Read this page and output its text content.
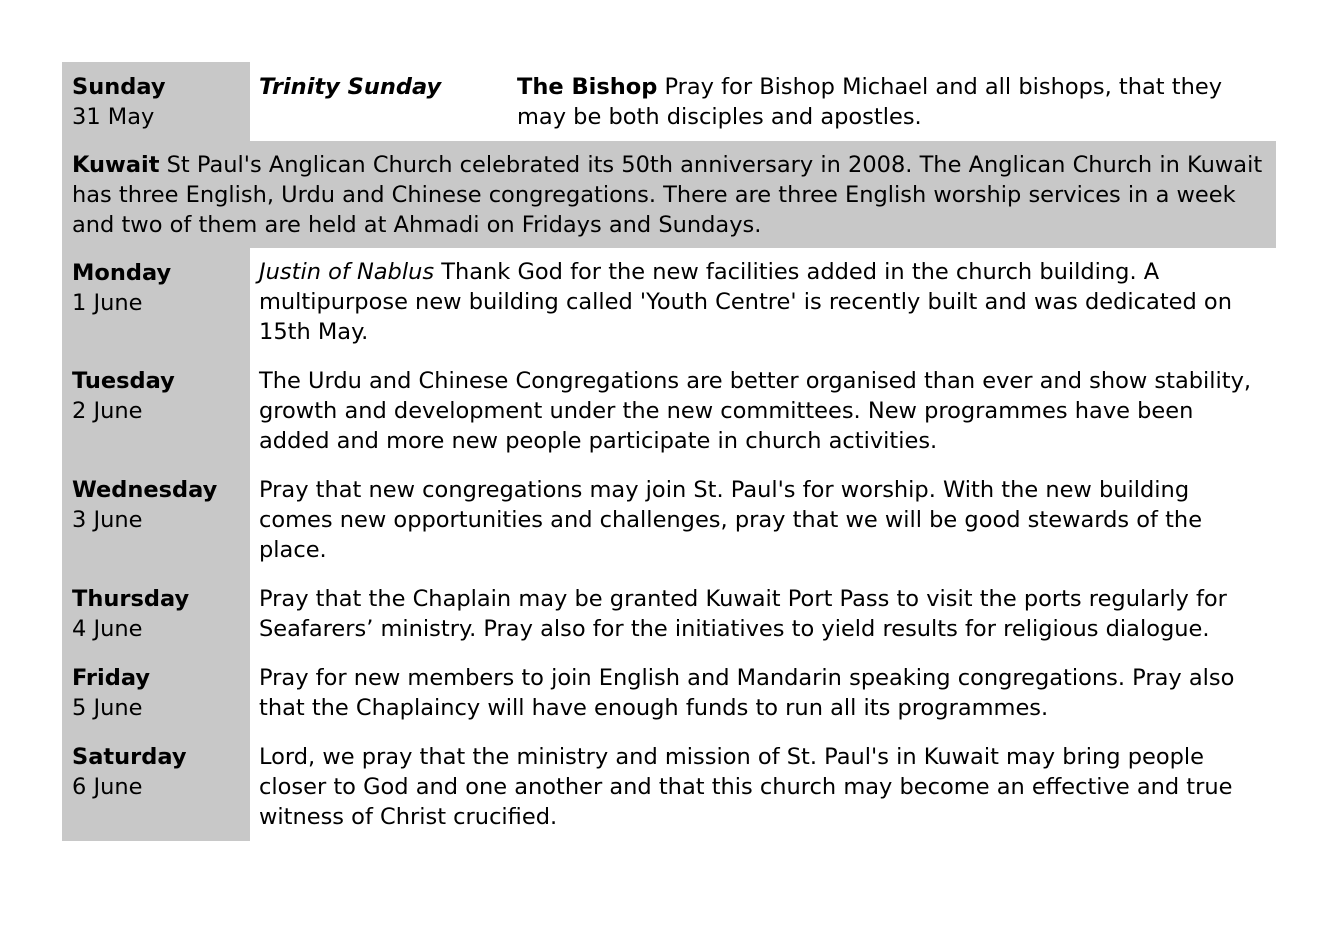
Sunday
31 May
Trinity Sunday	The Bishop Pray for Bishop Michael and all bishops, that they may be both disciples and apostles.
Kuwait St Paul's Anglican Church celebrated its 50th anniversary in 2008. The Anglican Church in Kuwait has three English, Urdu and Chinese congregations. There are three English worship services in a week and two of them are held at Ahmadi on Fridays and Sundays.
Monday
1 June
Justin of Nablus Thank God for the new facilities added in the church building. A multipurpose new building called 'Youth Centre' is recently built and was dedicated on 15th May.
Tuesday
2 June
The Urdu and Chinese Congregations are better organised than ever and show stability, growth and development under the new committees. New programmes have been added and more new people participate in church activities.
Wednesday
3 June
Pray that new congregations may join St. Paul's for worship. With the new building comes new opportunities and challenges, pray that we will be good stewards of the place.
Thursday
4 June
Pray that the Chaplain may be granted Kuwait Port Pass to visit the ports regularly for Seafarers’ ministry. Pray also for the initiatives to yield results for religious dialogue.
Friday
5 June
Pray for new members to join English and Mandarin speaking congregations. Pray also that the Chaplaincy will have enough funds to run all its programmes.
Saturday
6 June
Lord, we pray that the ministry and mission of St. Paul's in Kuwait may bring people closer to God and one another and that this church may become an effective and true witness of Christ crucified.
